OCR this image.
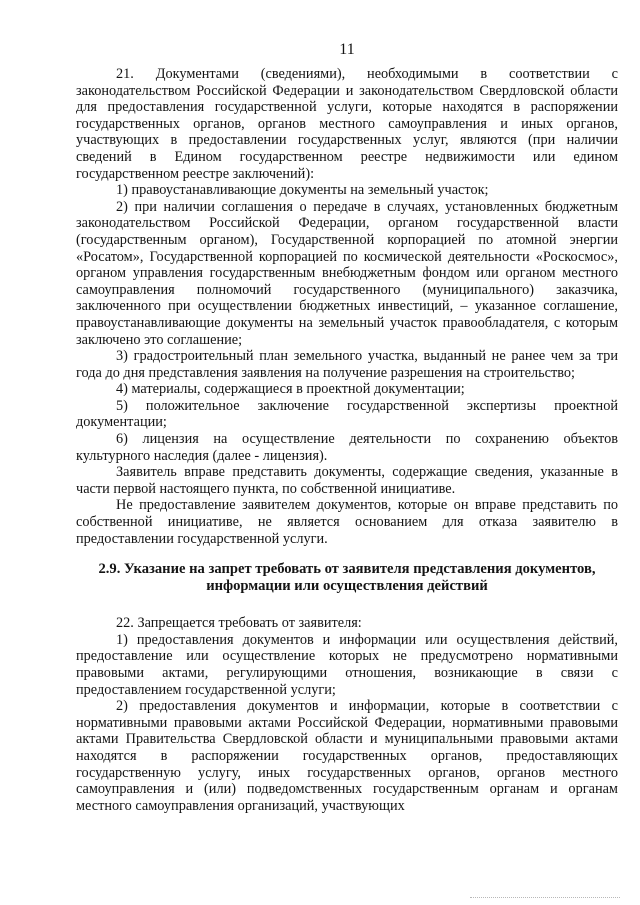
11

21. Документами (сведениями), необходимыми в соответствии с законодательством Российской Федерации и законодательством Свердловской области для предоставления государственной услуги, которые находятся в распоряжении государственных органов, органов местного самоуправления и иных органов, участвующих в предоставлении государственных услуг, являются (при наличии сведений в Едином государственном реестре недвижимости или едином государственном реестре заключений):

1) правоустанавливающие документы на земельный участок;

2) при наличии соглашения о передаче в случаях, установленных бюджетным законодательством Российской Федерации, органом государственной власти (государственным органом), Государственной корпорацией по атомной энергии «Росатом», Государственной корпорацией по космической деятельности «Роскосмос», органом управления государственным внебюджетным фондом или органом местного самоуправления полномочий государственного (муниципального) заказчика, заключенного при осуществлении бюджетных инвестиций, – указанное соглашение, правоустанавливающие документы на земельный участок правообладателя, с которым заключено это соглашение;

3) градостроительный план земельного участка, выданный не ранее чем за три года до дня представления заявления на получение разрешения на строительство;

4) материалы, содержащиеся в проектной документации;

5) положительное заключение государственной экспертизы проектной документации;

6) лицензия на осуществление деятельности по сохранению объектов культурного наследия (далее - лицензия).

Заявитель вправе представить документы, содержащие сведения, указанные в части первой настоящего пункта, по собственной инициативе.

Не предоставление заявителем документов, которые он вправе представить по собственной инициативе, не является основанием для отказа заявителю в предоставлении государственной услуги.

2.9. Указание на запрет требовать от заявителя представления документов, информации или осуществления действий

22. Запрещается требовать от заявителя:

1) предоставления документов и информации или осуществления действий, предоставление или осуществление которых не предусмотрено нормативными правовыми актами, регулирующими отношения, возникающие в связи с предоставлением государственной услуги;

2) предоставления документов и информации, которые в соответствии с нормативными правовыми актами Российской Федерации, нормативными правовыми актами Правительства Свердловской области и муниципальными правовыми актами находятся в распоряжении государственных органов, предоставляющих государственную услугу, иных государственных органов, органов местного самоуправления и (или) подведомственных государственным органам и органам местного самоуправления организаций, участвующих
